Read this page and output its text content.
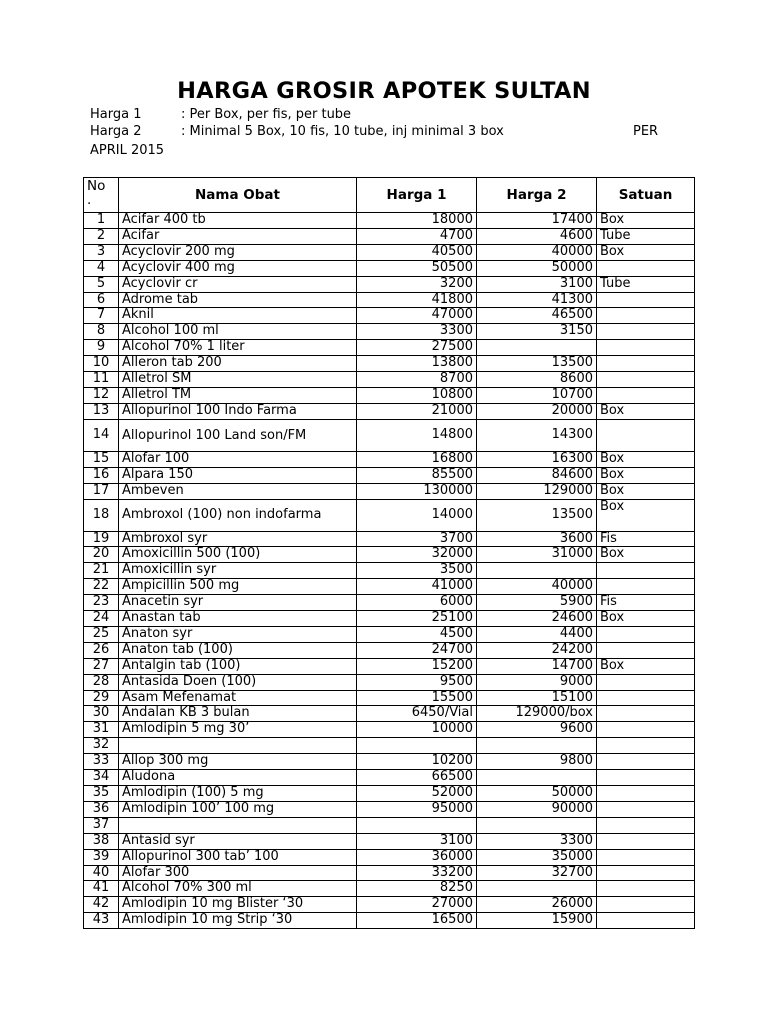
HARGA GROSIR APOTEK SULTAN
Harga 1	: Per Box, per fis, per tube
Harga 2	: Minimal 5 Box, 10 fis, 10 tube, inj minimal 3 box	PER
APRIL 2015
No .	Nama Obat	Harga 1	Harga 2	Satuan
1	Acifar 400 tb	18000	17400	Box
2	Acifar	4700	4600	Tube
3	Acyclovir 200 mg	40500	40000	Box
4	Acyclovir 400 mg	50500	50000	
5	Acyclovir cr	3200	3100	Tube
6	Adrome tab	41800	41300	
7	Aknil	47000	46500	
8	Alcohol 100 ml	3300	3150	
9	Alcohol 70% 1 liter	27500		
10	Alleron tab 200	13800	13500	
11	Alletrol SM	8700	8600	
12	Alletrol TM	10800	10700	
13	Allopurinol 100 Indo Farma	21000	20000	Box
14	Allopurinol 100 Land son/FM	14800	14300	
15	Alofar 100	16800	16300	Box
16	Alpara 150	85500	84600	Box
17	Ambeven	130000	129000	Box
18	Ambroxol (100) non indofarma	14000	13500	Box
19	Ambroxol syr	3700	3600	Fis
20	Amoxicillin 500 (100)	32000	31000	Box
21	Amoxicillin syr	3500		
22	Ampicillin 500 mg	41000	40000	
23	Anacetin syr	6000	5900	Fis
24	Anastan tab	25100	24600	Box
25	Anaton syr	4500	4400	
26	Anaton tab (100)	24700	24200	
27	Antalgin tab (100)	15200	14700	Box
28	Antasida Doen (100)	9500	9000	
29	Asam Mefenamat	15500	15100	
30	Andalan KB 3 bulan	6450/Vial	129000/box	
31	Amlodipin 5 mg 30’	10000	9600	
32				
33	Allop 300 mg	10200	9800	
34	Aludona	66500		
35	Amlodipin (100) 5 mg	52000	50000	
36	Amlodipin 100’ 100 mg	95000	90000	
37				
38	Antasid syr	3100	3300	
39	Allopurinol 300 tab’ 100	36000	35000	
40	Alofar 300	33200	32700	
41	Alcohol 70% 300 ml	8250		
42	Amlodipin 10 mg Blister ‘30	27000	26000	
43	Amlodipin 10 mg Strip ‘30	16500	15900	
